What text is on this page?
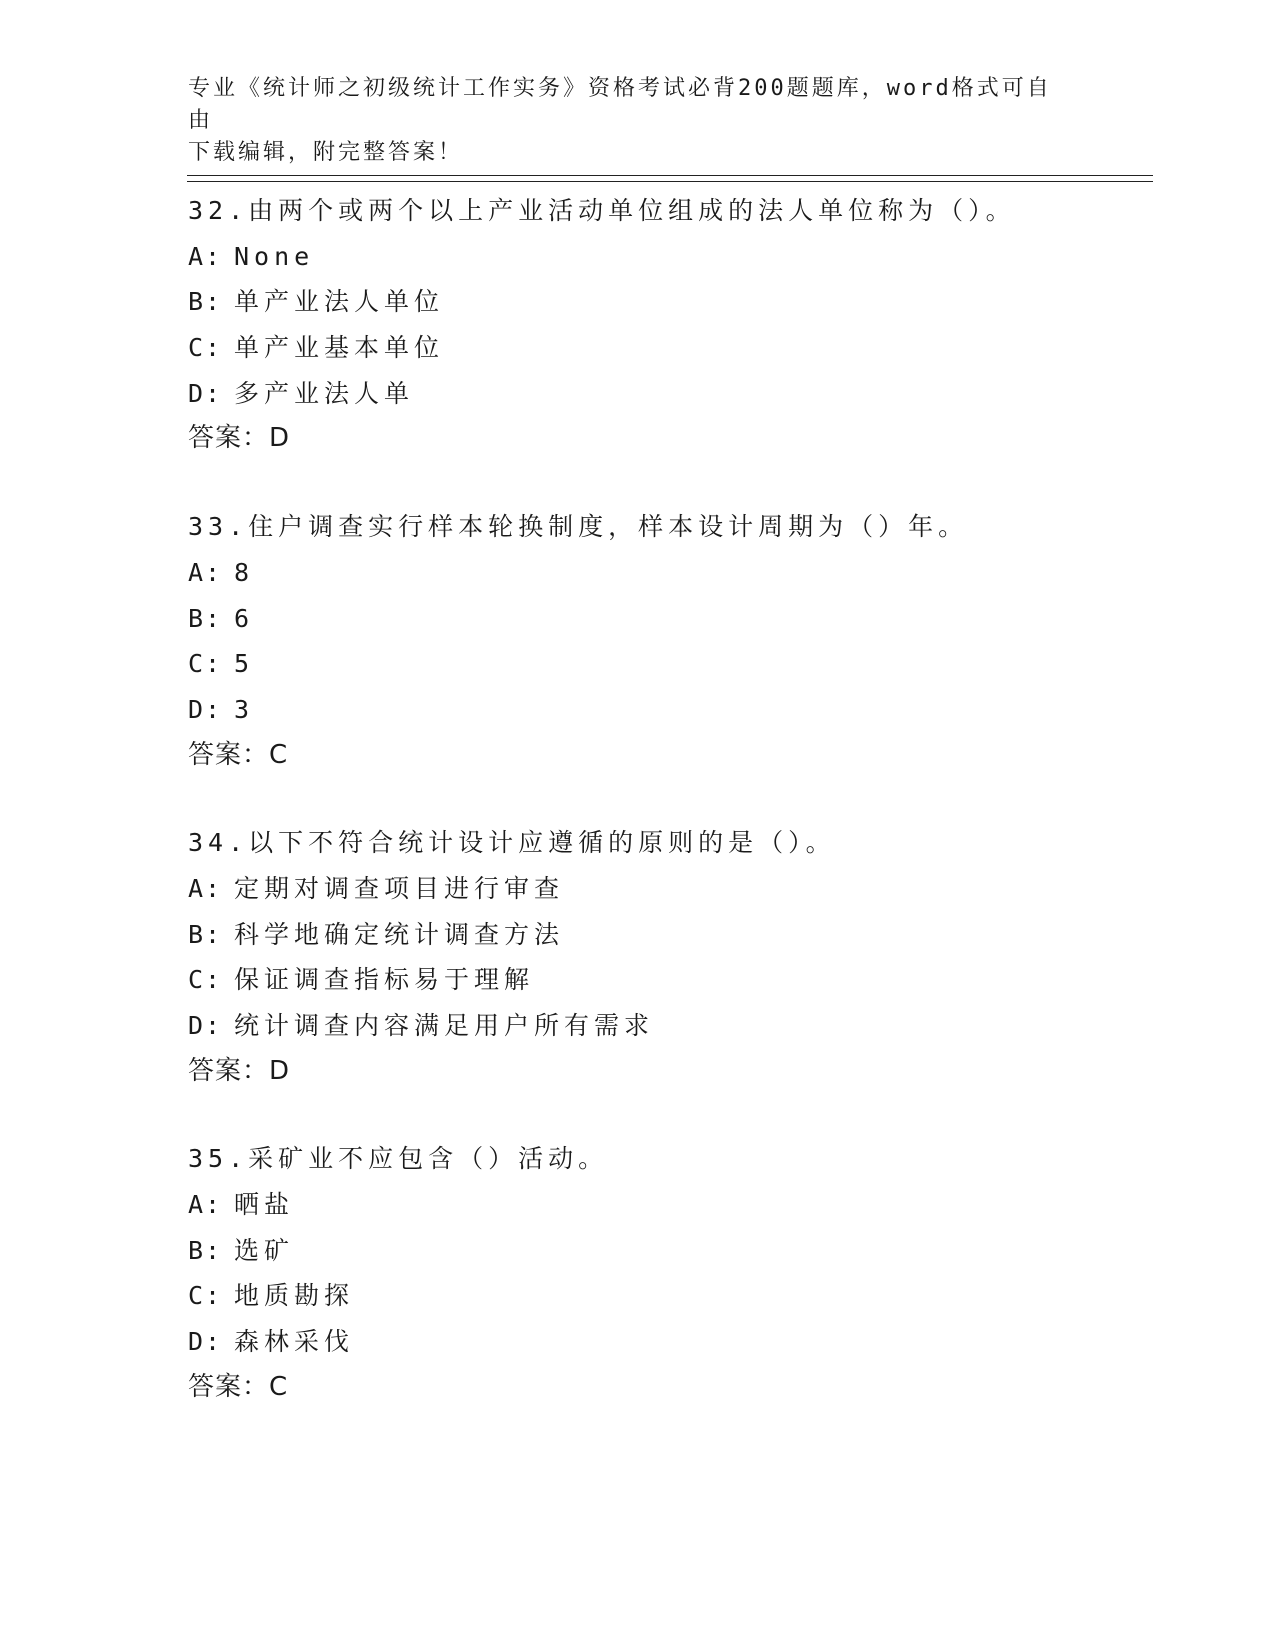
专业《统计师之初级统计工作实务》资格考试必背200题题库，word格式可自由
下载编辑，附完整答案！
32.由两个或两个以上产业活动单位组成的法人单位称为（）。
A: None
B: 单产业法人单位
C: 单产业基本单位
D: 多产业法人单
答案：D
33.住户调查实行样本轮换制度，样本设计周期为（）年。
A: 8
B: 6
C: 5
D: 3
答案：C
34.以下不符合统计设计应遵循的原则的是（）。
A: 定期对调查项目进行审查
B: 科学地确定统计调查方法
C: 保证调查指标易于理解
D: 统计调查内容满足用户所有需求
答案：D
35.采矿业不应包含（）活动。
A: 晒盐
B: 选矿
C: 地质勘探
D: 森林采伐
答案：C
